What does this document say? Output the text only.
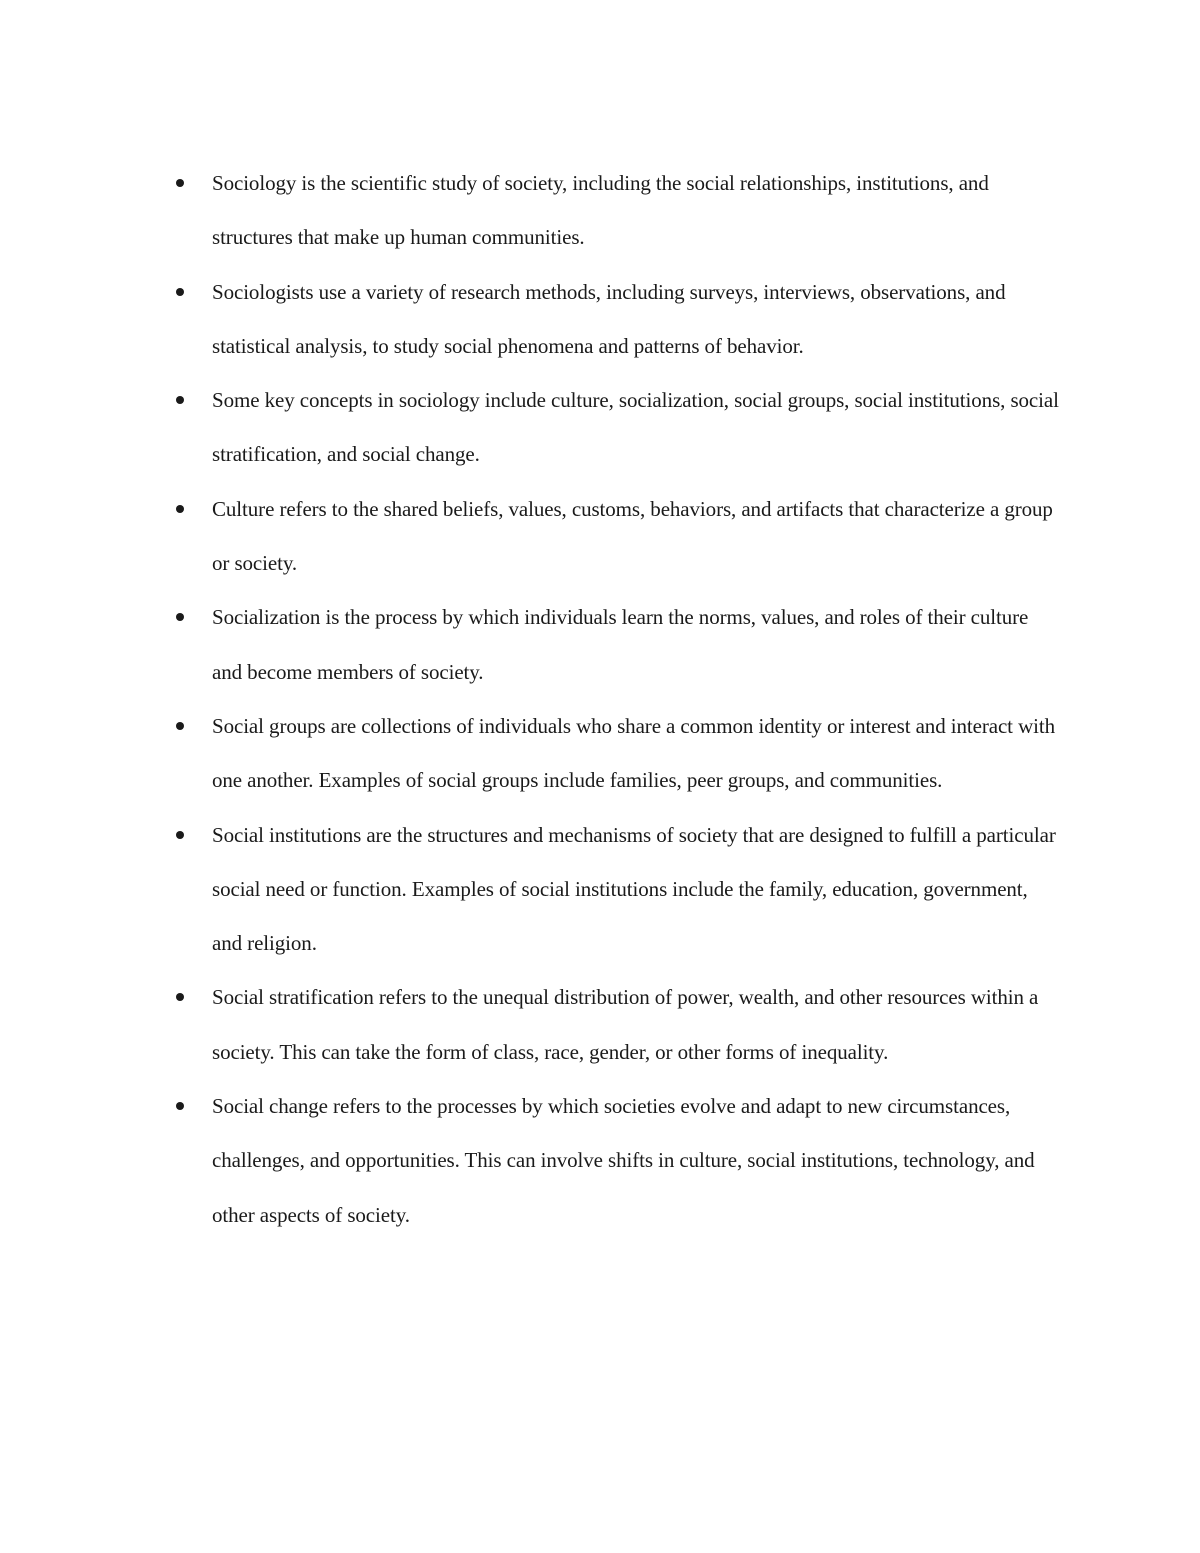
Sociology is the scientific study of society, including the social relationships, institutions, and structures that make up human communities.
Sociologists use a variety of research methods, including surveys, interviews, observations, and statistical analysis, to study social phenomena and patterns of behavior.
Some key concepts in sociology include culture, socialization, social groups, social institutions, social stratification, and social change.
Culture refers to the shared beliefs, values, customs, behaviors, and artifacts that characterize a group or society.
Socialization is the process by which individuals learn the norms, values, and roles of their culture and become members of society.
Social groups are collections of individuals who share a common identity or interest and interact with one another. Examples of social groups include families, peer groups, and communities.
Social institutions are the structures and mechanisms of society that are designed to fulfill a particular social need or function. Examples of social institutions include the family, education, government, and religion.
Social stratification refers to the unequal distribution of power, wealth, and other resources within a society. This can take the form of class, race, gender, or other forms of inequality.
Social change refers to the processes by which societies evolve and adapt to new circumstances, challenges, and opportunities. This can involve shifts in culture, social institutions, technology, and other aspects of society.
